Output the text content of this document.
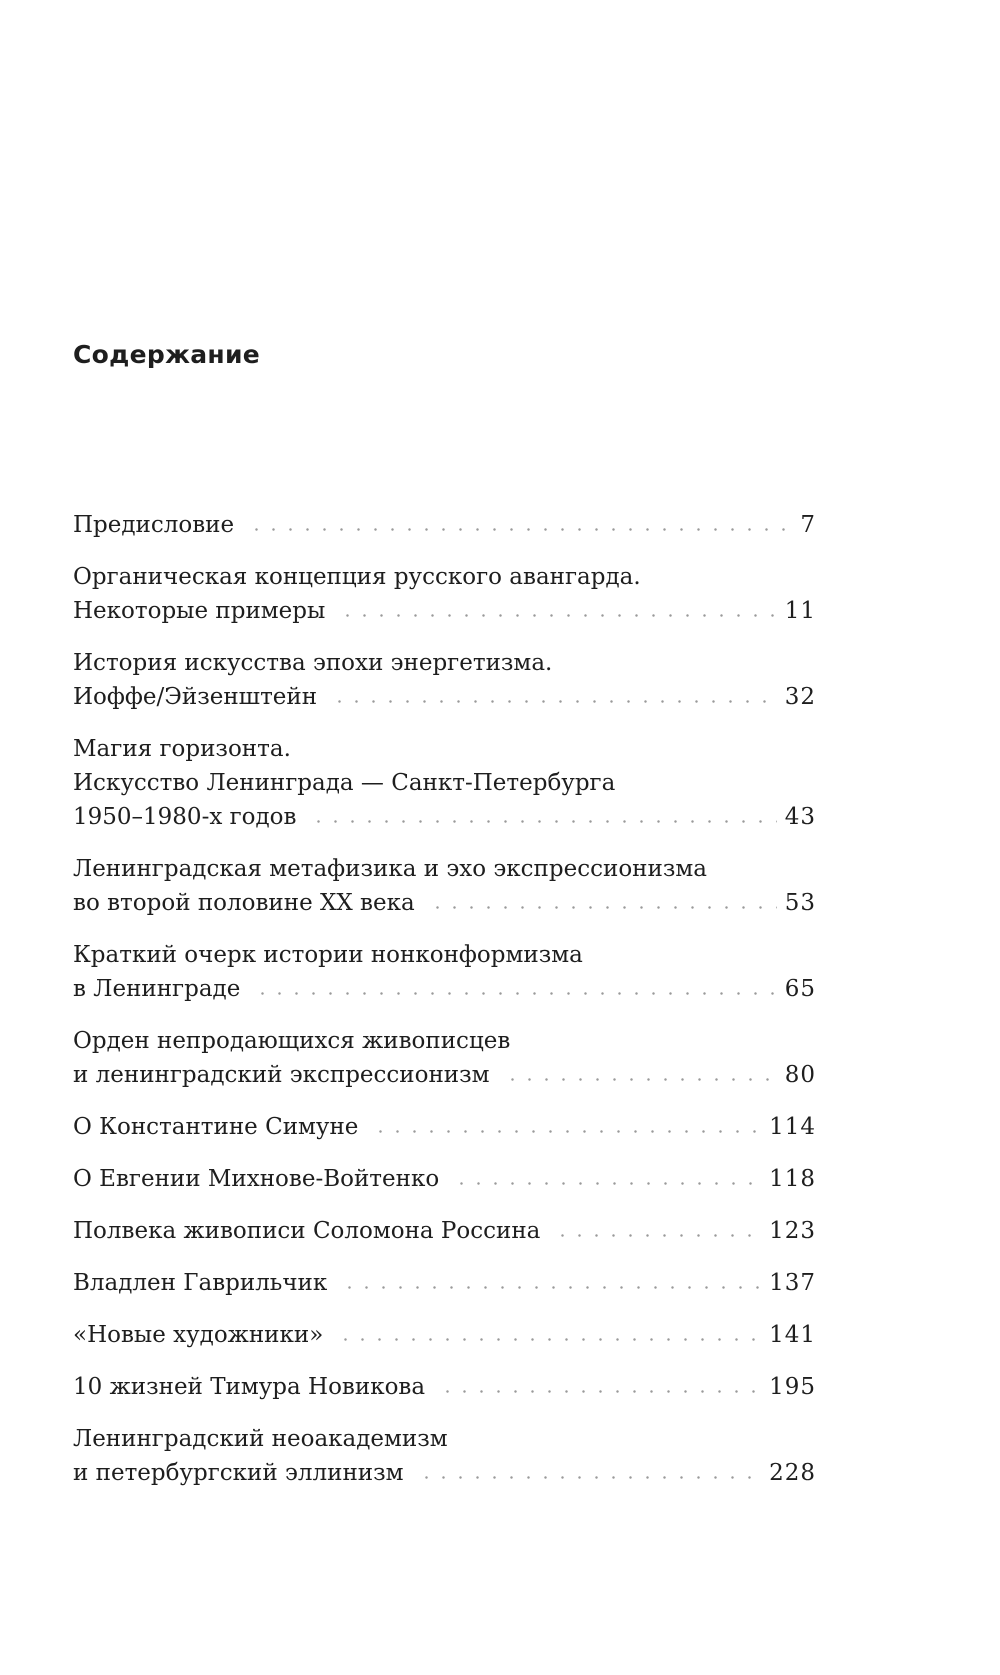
Содержание
Предисловие	7
Органическая концепция русского авангарда.
Некоторые примеры	11
История искусства эпохи энергетизма.
Иоффе/Эйзенштейн	32
Магия горизонта.
Искусство Ленинграда — Санкт-Петербурга
1950–1980-х годов	43
Ленинградская метафизика и эхо экспрессионизма
во второй половине XX века	53
Краткий очерк истории нонконформизма
в Ленинграде	65
Орден непродающихся живописцев
и ленинградский экспрессионизм	80
О Константине Симуне	114
О Евгении Михнове-Войтенко	118
Полвека живописи Соломона Россина	123
Владлен Гаврильчик	137
«Новые художники»	141
10 жизней Тимура Новикова	195
Ленинградский неоакадемизм
и петербургский эллинизм	228
